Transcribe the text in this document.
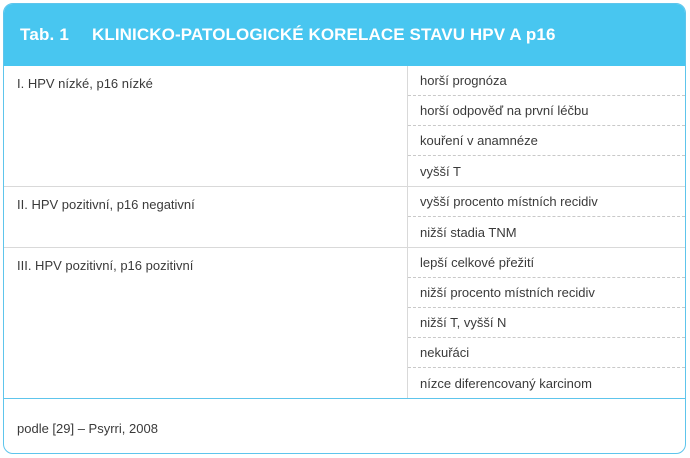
Tab. 1	KLINICKO-PATOLOGICKÉ KORELACE STAVU HPV A p16
I. HPV nízké, p16 nízké	horší prognóza
horší odpověď na první léčbu
kouření v anamnéze
vyšší T
II. HPV pozitivní, p16 negativní	vyšší procento místních recidiv
nižší stadia TNM
III. HPV pozitivní, p16 pozitivní	lepší celkové přežití
nižší procento místních recidiv
nižší T, vyšší N
nekuřáci
nízce diferencovaný karcinom
podle [29] – Psyrri, 2008
